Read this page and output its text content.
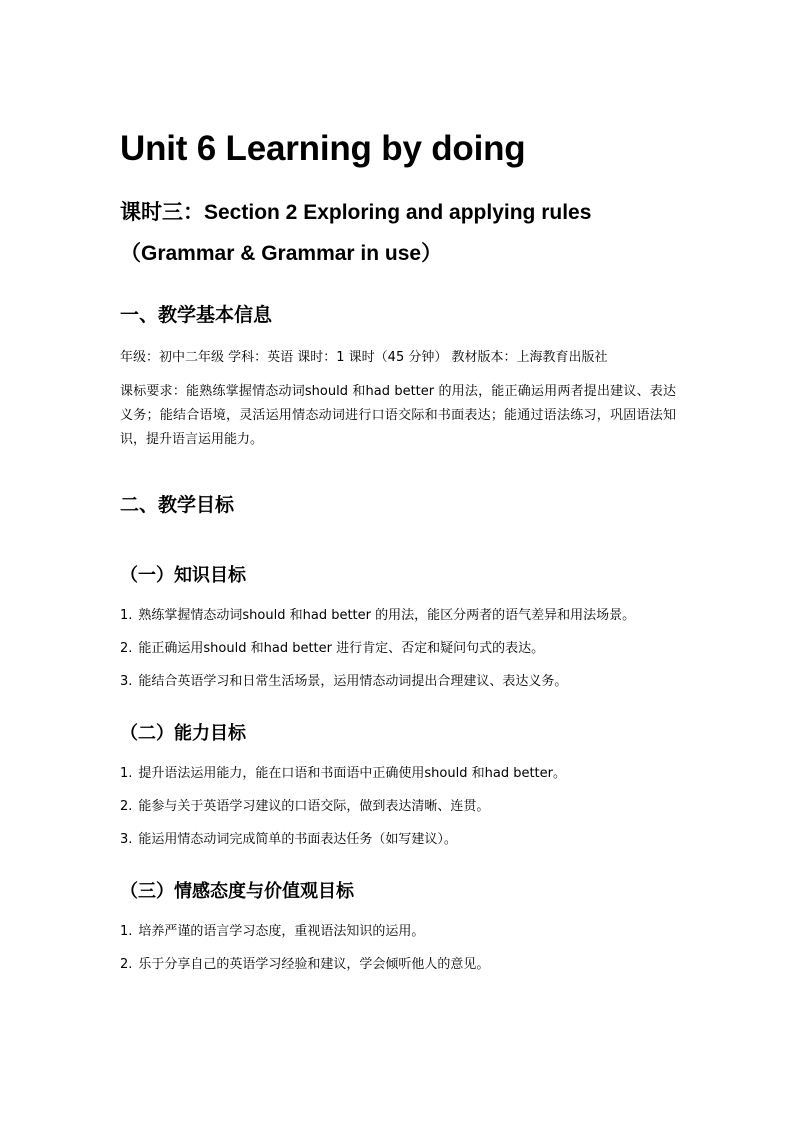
Unit 6 Learning by doing
课时三：Section 2 Exploring and applying rules（Grammar & Grammar in use）
一、教学基本信息

年级：初中二年级 学科：英语 课时：1 课时（45 分钟） 教材版本：上海教育出版社

课标要求：能熟练掌握情态动词should 和had better 的用法，能正确运用两者提出建议、表达义务；能结合语境，灵活运用情态动词进行口语交际和书面表达；能通过语法练习，巩固语法知识，提升语言运用能力。

二、教学目标
（一）知识目标
1. 熟练掌握情态动词should 和had better 的用法，能区分两者的语气差异和用法场景。
2. 能正确运用should 和had better 进行肯定、否定和疑问句式的表达。
3. 能结合英语学习和日常生活场景，运用情态动词提出合理建议、表达义务。
（二）能力目标
1. 提升语法运用能力，能在口语和书面语中正确使用should 和had better。
2. 能参与关于英语学习建议的口语交际，做到表达清晰、连贯。
3. 能运用情态动词完成简单的书面表达任务（如写建议）。
（三）情感态度与价值观目标
1. 培养严谨的语言学习态度，重视语法知识的运用。
2. 乐于分享自己的英语学习经验和建议，学会倾听他人的意见。
